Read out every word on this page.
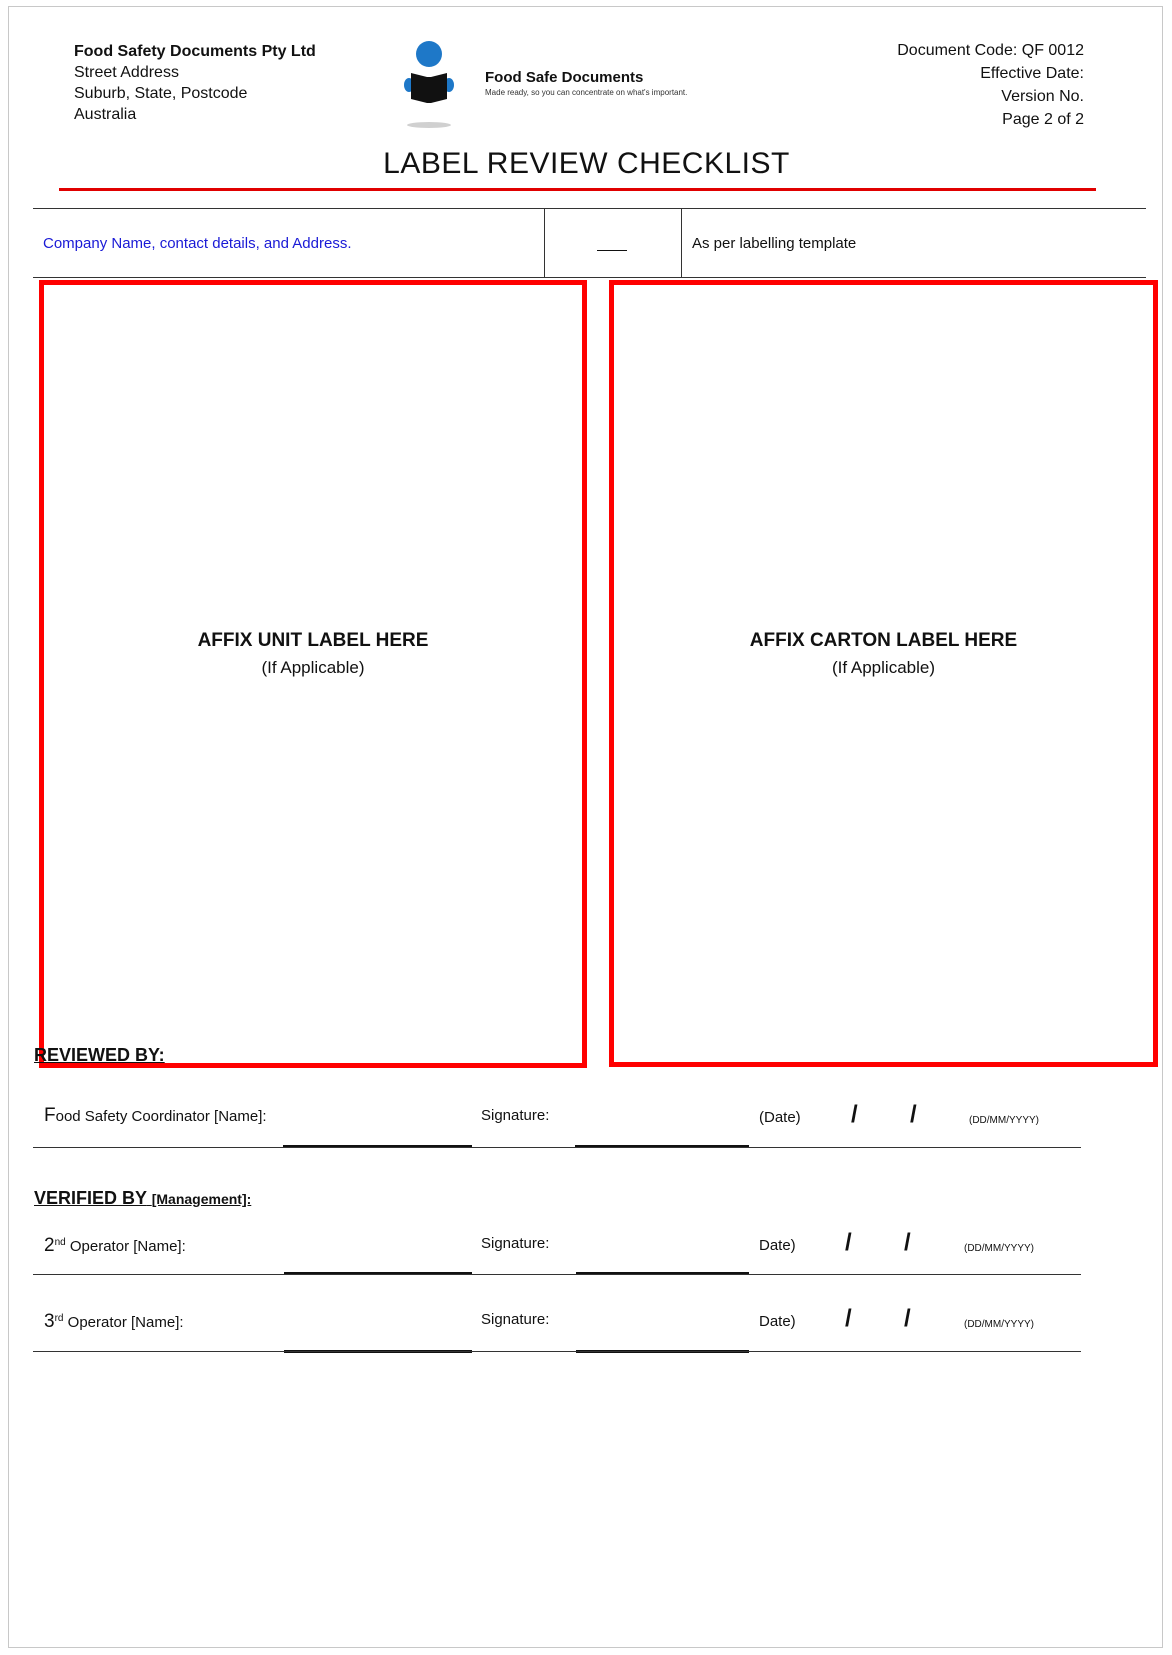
Food Safety Documents Pty Ltd
Street Address
Suburb, State, Postcode
Australia
Food Safe Documents
Made ready, so you can concentrate on what's important.
Document Code: QF 0012
Effective Date:
Version No.
Page 2 of 2
LABEL REVIEW CHECKLIST
Company Name, contact details, and Address.	As per labelling template
AFFIX UNIT LABEL HERE
(If Applicable)
AFFIX CARTON LABEL HERE
(If Applicable)
REVIEWED BY:
Food Safety Coordinator [Name]:	Signature:	(Date) / /	(DD/MM/YYYY)
VERIFIED BY [Management]:
2nd Operator [Name]:	Signature:	Date) / /	(DD/MM/YYYY)
3rd Operator [Name]:	Signature:	Date) / /	(DD/MM/YYYY)
